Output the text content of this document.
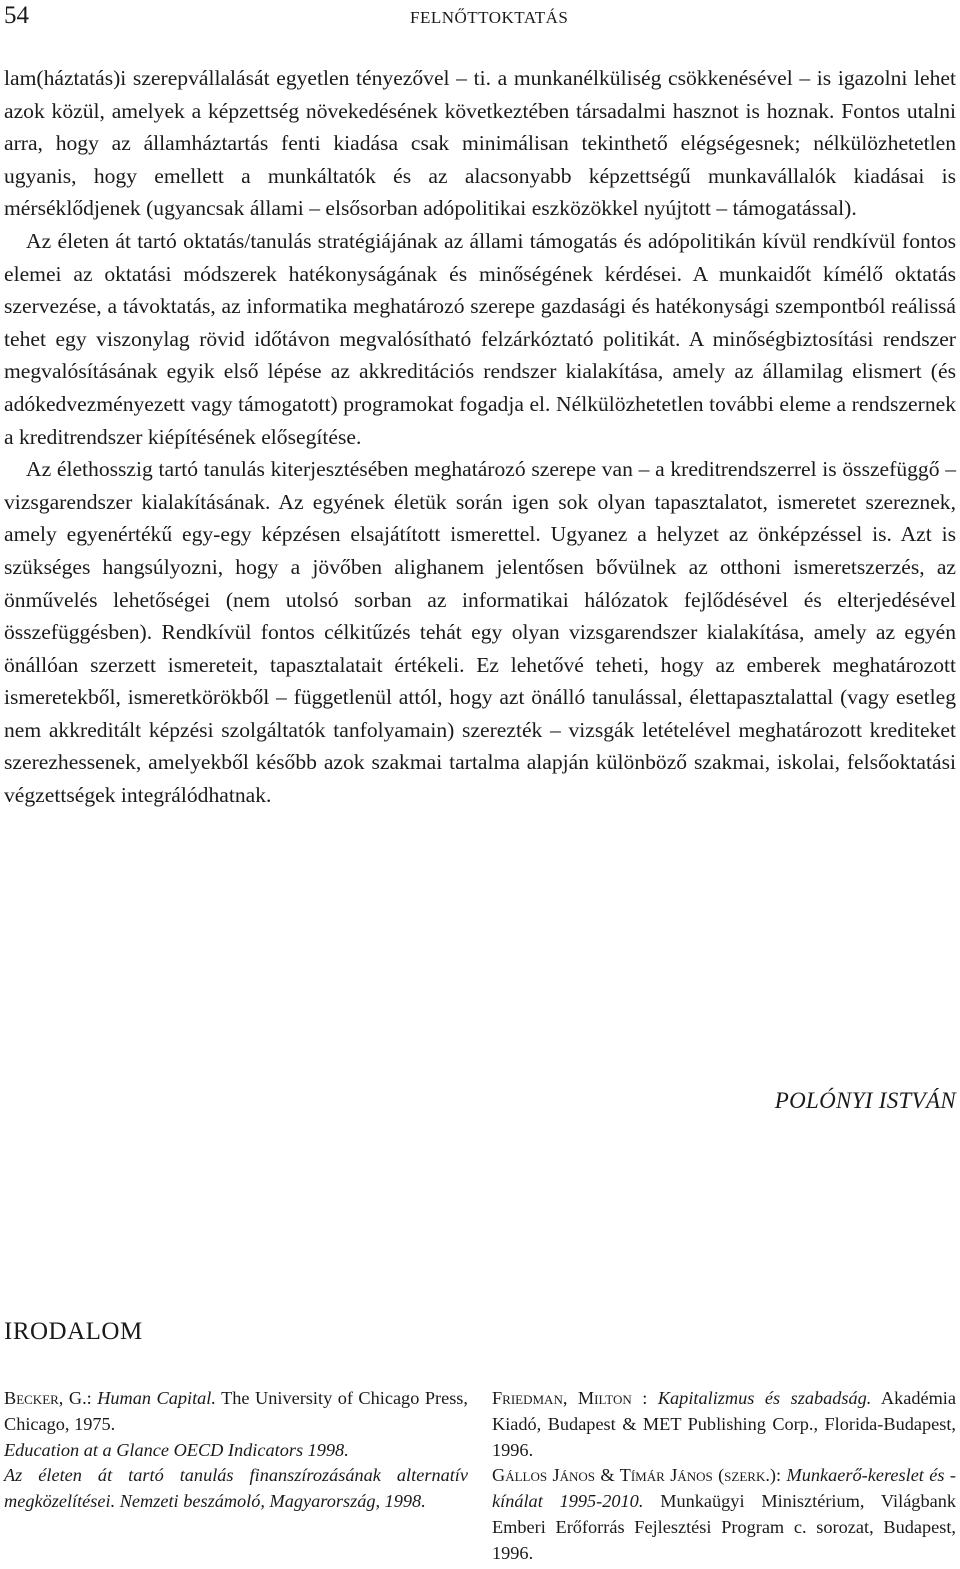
54	FELNŐTTOKTATÁS

lam(háztatás)i szerepvállalását egyetlen tényezővel – ti. a munkanélküliség csökkenésével – is igazolni lehet azok közül, amelyek a képzettség növekedésének következtében társadalmi hasznot is hoznak. Fontos utalni arra, hogy az államháztartás fenti kiadása csak minimálisan tekinthető elégségesnek; nélkülözhetetlen ugyanis, hogy emellett a munkáltatók és az alacsonyabb képzettségű munkavállalók kiadásai is mérséklődjenek (ugyancsak állami – elsősorban adópolitikai eszközökkel nyújtott – támogatással).

Az életen át tartó oktatás/tanulás stratégiájának az állami támogatás és adópolitikán kívül rendkívül fontos elemei az oktatási módszerek hatékonyságának és minőségének kérdései. A munkaidőt kímélő oktatás szervezése, a távoktatás, az informatika meghatározó szerepe gazdasági és hatékonysági szempontból reálissá tehet egy viszonylag rövid időtávon megvalósítható felzárkóztató politikát. A minőségbiztosítási rendszer megvalósításának egyik első lépése az akkreditációs rendszer kialakítása, amely az államilag elismert (és adókedvezményezett vagy támogatott) programokat fogadja el. Nélkülözhetetlen további eleme a rendszernek a kreditrendszer kiépítésének elősegítése.

Az élethosszig tartó tanulás kiterjesztésében meghatározó szerepe van – a kreditrendszerrel is összefüggő – vizsgarendszer kialakításának. Az egyének életük során igen sok olyan tapasztalatot, ismeretet szereznek, amely egyenértékű egy-egy képzésen elsajátított ismerettel. Ugyanez a helyzet az önképzéssel is. Azt is szükséges hangsúlyozni, hogy a jövőben alighanem jelentősen bővülnek az otthoni ismeretszerzés, az önművelés lehetőségei (nem utolsó sorban az informatikai hálózatok fejlődésével és elterjedésével összefüggésben). Rendkívül fontos célkitűzés tehát egy olyan vizsgarendszer kialakítása, amely az egyén önállóan szerzett ismereteit, tapasztalatait értékeli. Ez lehetővé teheti, hogy az emberek meghatározott ismeretekből, ismeretkörökből – függetlenül attól, hogy azt önálló tanulással, élettapasztalattal (vagy esetleg nem akkreditált képzési szolgáltatók tanfolyamain) szerezték – vizsgák letételével meghatározott krediteket szerezhessenek, amelyekből később azok szakmai tartalma alapján különböző szakmai, iskolai, felsőoktatási végzettségek integrálódhatnak.

POLÓNYI ISTVÁN
IRODALOM

Becker, G.: Human Capital. The University of Chicago Press, Chicago, 1975.

Education at a Glance OECD Indicators 1998.

Az életen át tartó tanulás finanszírozásának alternatív megközelítései. Nemzeti beszámoló, Magyarország, 1998.

Friedman, Milton : Kapitalizmus és szabadság. Akadémia Kiadó, Budapest & MET Publishing Corp., Florida-Budapest, 1996.

Gállos János & Tímár János (szerk.): Munkaerő-kereslet és -kínálat 1995-2010. Munkaügyi Minisztérium, Világbank Emberi Erőforrás Fejlesztési Program c. sorozat, Budapest, 1996.
